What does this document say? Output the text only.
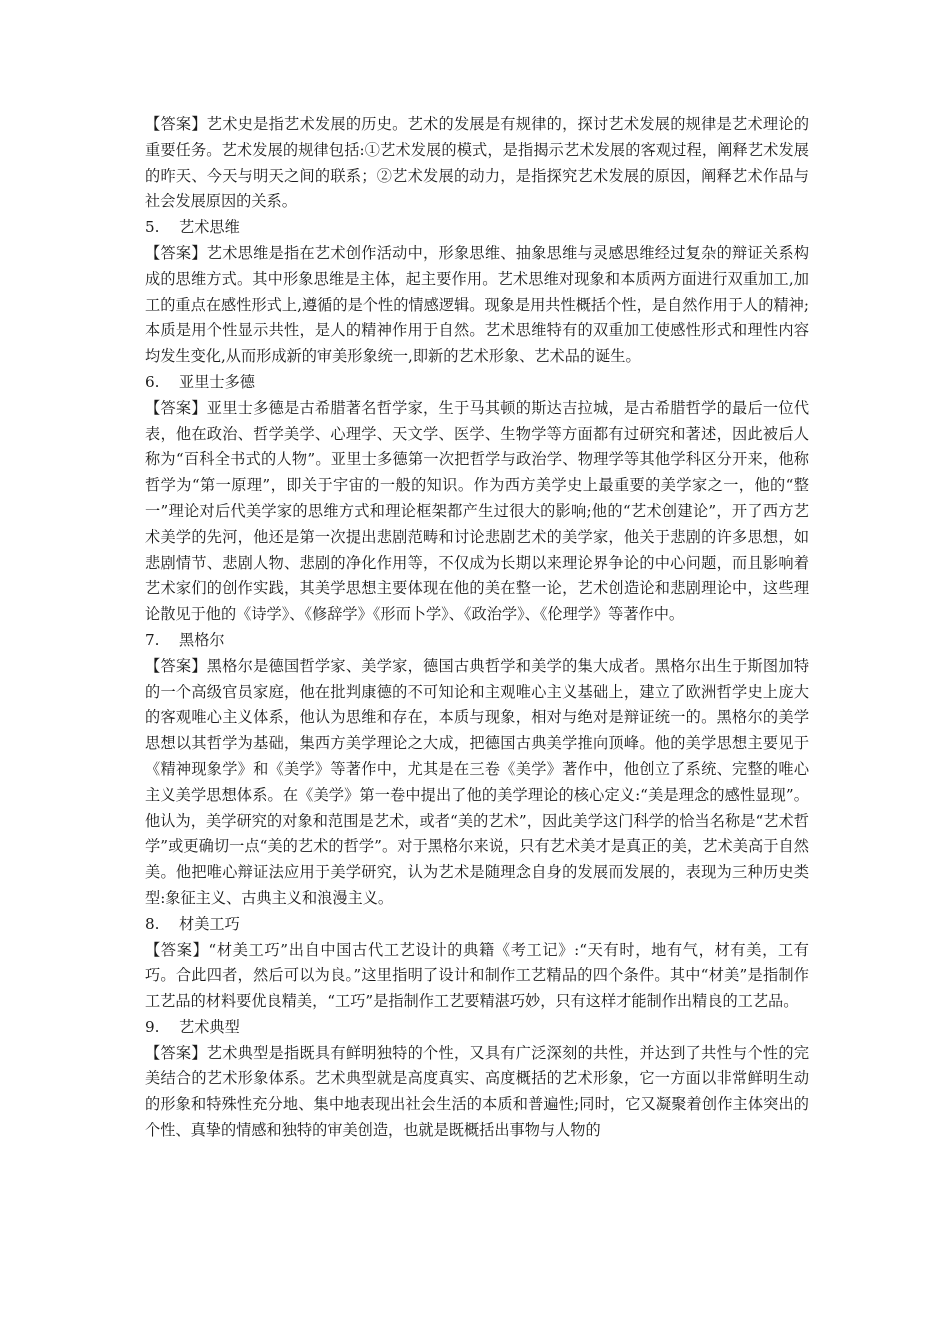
【答案】艺术史是指艺术发展的历史。艺术的发展是有规律的，探讨艺术发展的规律是艺术理论的重要任务。艺术发展的规律包括:①艺术发展的模式，是指揭示艺术发展的客观过程，阐释艺术发展的昨天、今天与明天之间的联系；②艺术发展的动力，是指探究艺术发展的原因，阐释艺术作品与社会发展原因的关系。

5. 艺术思维

【答案】艺术思维是指在艺术创作活动中，形象思维、抽象思维与灵感思维经过复杂的辩证关系构成的思维方式。其中形象思维是主体，起主要作用。艺术思维对现象和本质两方面进行双重加工,加工的重点在感性形式上,遵循的是个性的情感逻辑。现象是用共性概括个性，是自然作用于人的精神;本质是用个性显示共性，是人的精神作用于自然。艺术思维特有的双重加工使感性形式和理性内容均发生变化,从而形成新的审美形象统一,即新的艺术形象、艺术品的诞生。

6. 亚里士多德

【答案】亚里士多德是古希腊著名哲学家，生于马其顿的斯达吉拉城，是古希腊哲学的最后一位代表，他在政治、哲学美学、心理学、天文学、医学、生物学等方面都有过研究和著述，因此被后人称为“百科全书式的人物”。亚里士多德第一次把哲学与政治学、物理学等其他学科区分开来，他称哲学为“第一原理”，即关于宇宙的一般的知识。作为西方美学史上最重要的美学家之一，他的“整一”理论对后代美学家的思维方式和理论框架都产生过很大的影响;他的“艺术创建论”，开了西方艺术美学的先河，他还是第一次提出悲剧范畴和讨论悲剧艺术的美学家，他关于悲剧的许多思想，如悲剧情节、悲剧人物、悲剧的净化作用等，不仅成为长期以来理论界争论的中心问题，而且影响着艺术家们的创作实践，其美学思想主要体现在他的美在整一论，艺术创造论和悲剧理论中，这些理论散见于他的《诗学》、《修辞学》《形而卜学》、《政治学》、《伦理学》等著作中。

7. 黑格尔

【答案】黑格尔是德国哲学家、美学家，德国古典哲学和美学的集大成者。黑格尔出生于斯图加特的一个高级官员家庭，他在批判康德的不可知论和主观唯心主义基础上，建立了欧洲哲学史上庞大的客观唯心主义体系，他认为思维和存在，本质与现象，相对与绝对是辩证统一的。黑格尔的美学思想以其哲学为基础，集西方美学理论之大成，把德国古典美学推向顶峰。他的美学思想主要见于《精神现象学》和《美学》等著作中，尤其是在三卷《美学》著作中，他创立了系统、完整的唯心主义美学思想体系。在《美学》第一卷中提出了他的美学理论的核心定义:“美是理念的感性显现”。他认为，美学研究的对象和范围是艺术，或者“美的艺术”，因此美学这门科学的恰当名称是“艺术哲学”或更确切一点“美的艺术的哲学”。对于黑格尔来说，只有艺术美才是真正的美，艺术美高于自然美。他把唯心辩证法应用于美学研究，认为艺术是随理念自身的发展而发展的，表现为三种历史类型:象征主义、古典主义和浪漫主义。

8. 材美工巧

【答案】“材美工巧”出自中国古代工艺设计的典籍《考工记》:“天有时，地有气，材有美，工有巧。合此四者，然后可以为良。”这里指明了设计和制作工艺精品的四个条件。其中“材美”是指制作工艺品的材料要优良精美，“工巧”是指制作工艺要精湛巧妙，只有这样才能制作出精良的工艺品。

9. 艺术典型

【答案】艺术典型是指既具有鲜明独特的个性，又具有广泛深刻的共性，并达到了共性与个性的完美结合的艺术形象体系。艺术典型就是高度真实、高度概括的艺术形象，它一方面以非常鲜明生动的形象和特殊性充分地、集中地表现出社会生活的本质和普遍性;同时，它又凝聚着创作主体突出的个性、真挚的情感和独特的审美创造，也就是既概括出事物与人物的
